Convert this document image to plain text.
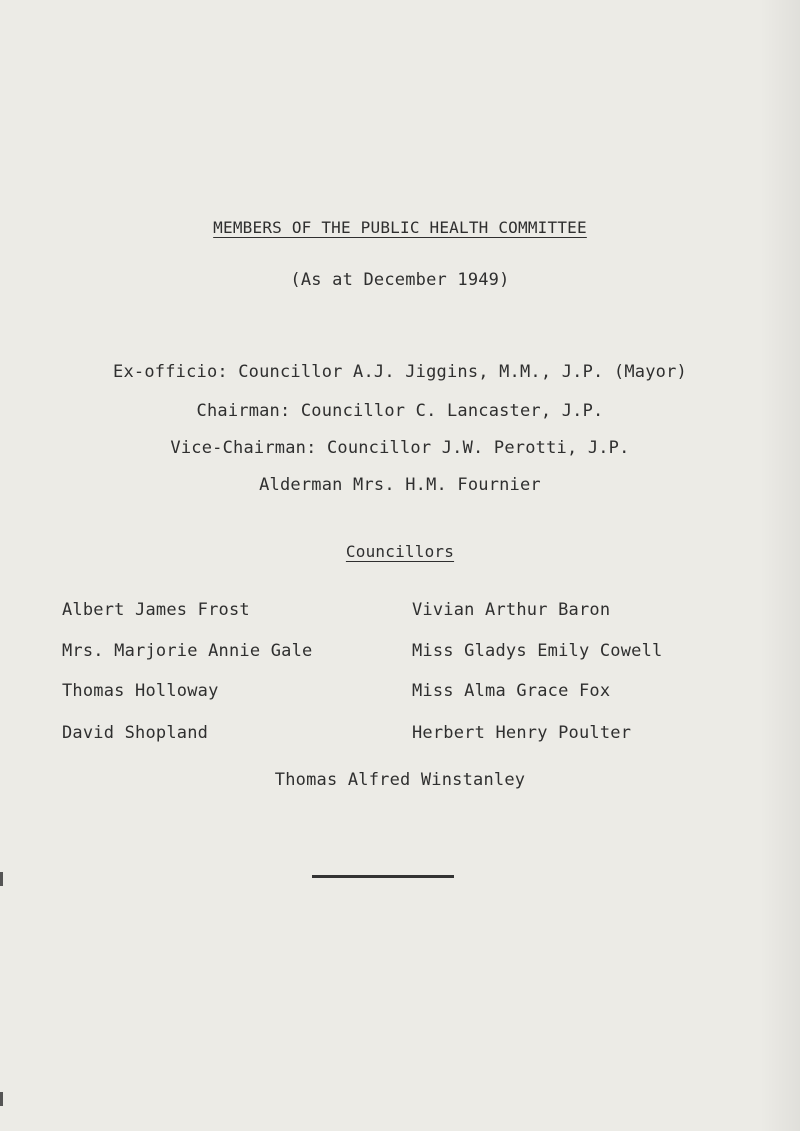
MEMBERS OF THE PUBLIC HEALTH COMMITTEE
(As at December 1949)
Ex-officio: Councillor A.J. Jiggins, M.M., J.P. (Mayor)
Chairman: Councillor C. Lancaster, J.P.
Vice-Chairman: Councillor J.W. Perotti, J.P.
Alderman Mrs. H.M. Fournier
Councillors
Albert James Frost	Vivian Arthur Baron
Mrs. Marjorie Annie Gale	Miss Gladys Emily Cowell
Thomas Holloway	Miss Alma Grace Fox
David Shopland	Herbert Henry Poulter
Thomas Alfred Winstanley
